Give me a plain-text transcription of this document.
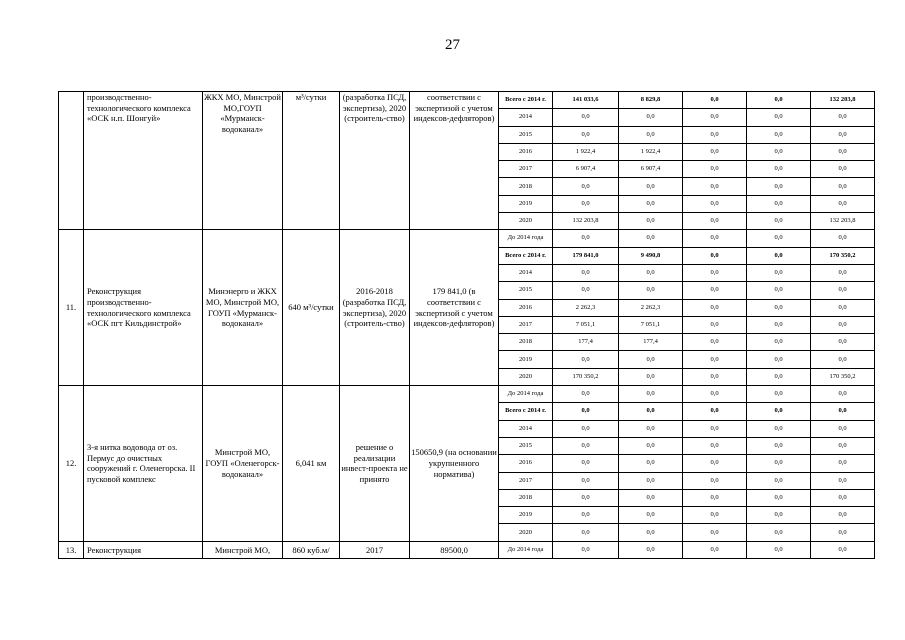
27
	производственно-технологического комплекса «ОСК н.п. Шонгуй»	ЖКХ МО, Минстрой МО,ГОУП «Мурманск-водоканал»	м³/сутки	(разработка ПСД, экспертиза), 2020 (строитель-ство)	соответствии с экспертизой с учетом индексов-дефляторов)	Всего с 2014 г.	141 033,6	8 829,8	0,0	0,0	132 203,8
						2014	0,0	0,0	0,0	0,0	0,0
						2015	0,0	0,0	0,0	0,0	0,0
						2016	1 922,4	1 922,4	0,0	0,0	0,0
						2017	6 907,4	6 907,4	0,0	0,0	0,0
						2018	0,0	0,0	0,0	0,0	0,0
						2019	0,0	0,0	0,0	0,0	0,0
						2020	132 203,8	0,0	0,0	0,0	132 203,8
11.	Реконструкция производственно-технологического комплекса «ОСК пгт Кильдинстрой»	Минэнерго и ЖКХ МО, Минстрой МО, ГОУП «Мурманск-водоканал»	640 м³/сутки	2016-2018 (разработка ПСД, экспертиза), 2020 (строитель-ство)	179 841,0 (в соответствии с экспертизой с учетом индексов-дефляторов)	До 2014 года	0,0	0,0	0,0	0,0	0,0
						Всего с 2014 г.	179 841,0	9 490,8	0,0	0,0	170 350,2
						2014	0,0	0,0	0,0	0,0	0,0
						2015	0,0	0,0	0,0	0,0	0,0
						2016	2 262,3	2 262,3	0,0	0,0	0,0
						2017	7 051,1	7 051,1	0,0	0,0	0,0
						2018	177,4	177,4	0,0	0,0	0,0
						2019	0,0	0,0	0,0	0,0	0,0
						2020	170 350,2	0,0	0,0	0,0	170 350,2
12.	3-я нитка водовода от оз. Пермус до очистных сооружений г. Оленегорска. II пусковой комплекс	Минстрой МО, ГОУП «Оленегорск-водоканал»	6,041 км	решение о реализации инвест-проекта не принято	150650,9 (на основании укрупненного норматива)	До 2014 года	0,0	0,0	0,0	0,0	0,0
						Всего с 2014 г.	0,0	0,0	0,0	0,0	0,0
						2014	0,0	0,0	0,0	0,0	0,0
						2015	0,0	0,0	0,0	0,0	0,0
						2016	0,0	0,0	0,0	0,0	0,0
						2017	0,0	0,0	0,0	0,0	0,0
						2018	0,0	0,0	0,0	0,0	0,0
						2019	0,0	0,0	0,0	0,0	0,0
						2020	0,0	0,0	0,0	0,0	0,0
13.	Реконструкция	Минстрой МО,	860 куб.м/	2017	89500,0	До 2014 года	0,0	0,0	0,0	0,0	0,0
